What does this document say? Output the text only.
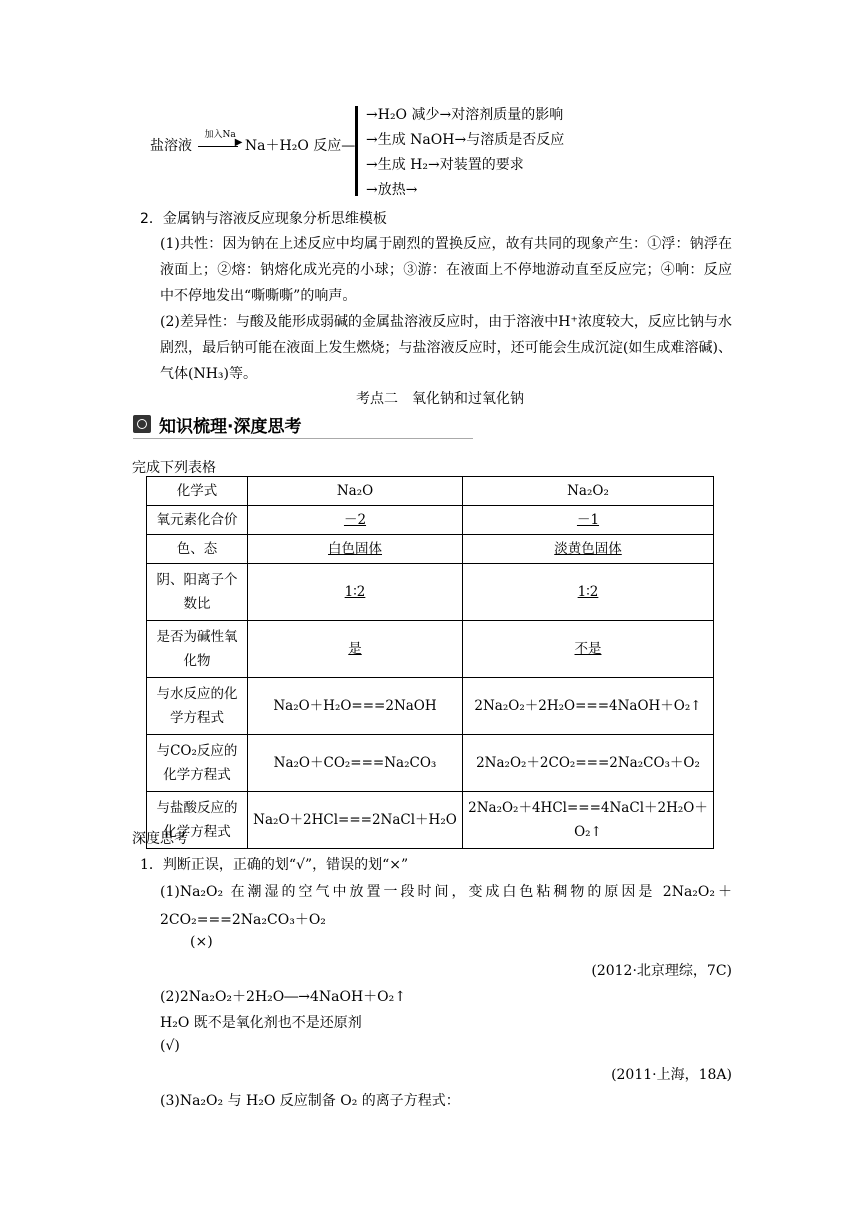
盐溶液
加入Na
▶ Na＋H₂O 反应—
→H₂O 减少→对溶剂质量的影响
→生成 NaOH→与溶质是否反应
→生成 H₂→对装置的要求
→放热→
2．金属钠与溶液反应现象分析思维模板
(1)共性：因为钠在上述反应中均属于剧烈的置换反应，故有共同的现象产生：①浮：钠浮在液面上；②熔：钠熔化成光亮的小球；③游：在液面上不停地游动直至反应完；④响：反应中不停地发出“嘶嘶嘶”的响声。
(2)差异性：与酸及能形成弱碱的金属盐溶液反应时，由于溶液中H⁺浓度较大，反应比钠与水剧烈，最后钠可能在液面上发生燃烧；与盐溶液反应时，还可能会生成沉淀(如生成难溶碱)、气体(NH₃)等。
考点二　氧化钠和过氧化钠
知识梳理·深度思考
完成下列表格
化学式	Na₂O	Na₂O₂
氧元素化合价	－2	－1
色、态	白色固体	淡黄色固体
阴、阳离子个数比	1∶2	1∶2
是否为碱性氧化物	是	不是
与水反应的化学方程式	Na₂O＋H₂O===2NaOH	2Na₂O₂＋2H₂O===4NaOH＋O₂↑
与CO₂反应的化学方程式	Na₂O＋CO₂===Na₂CO₃	2Na₂O₂＋2CO₂===2Na₂CO₃＋O₂
与盐酸反应的化学方程式	Na₂O＋2HCl===2NaCl＋H₂O	2Na₂O₂＋4HCl===4NaCl＋2H₂O＋O₂↑
深度思考
1．判断正误，正确的划“√”，错误的划“×”
(1)Na₂O₂ 在潮湿的空气中放置一段时间，变成白色粘稠物的原因是 2Na₂O₂＋2CO₂===2Na₂CO₃＋O₂
(×)
(2012·北京理综，7C)
(2)2Na₂O₂＋2H₂O―→4NaOH＋O₂↑
H₂O 既不是氧化剂也不是还原剂
(√)
(2011·上海，18A)
(3)Na₂O₂ 与 H₂O 反应制备 O₂ 的离子方程式：
